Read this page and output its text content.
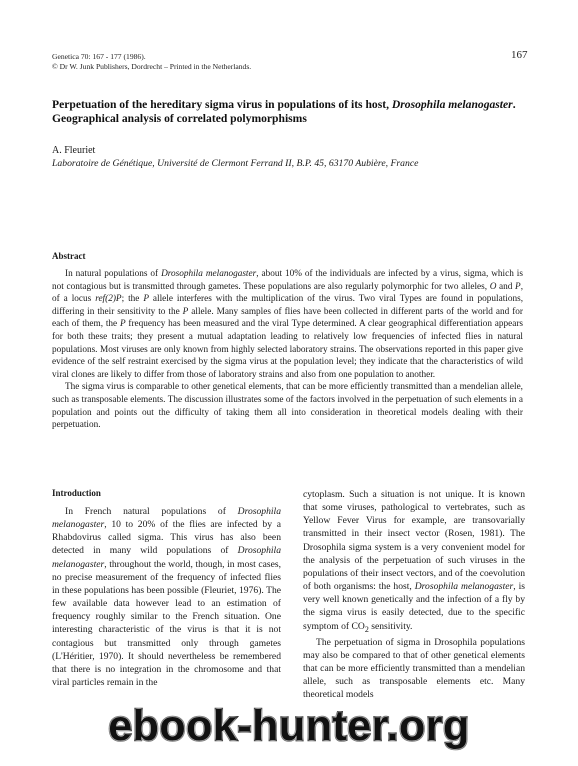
Genetica 70: 167 - 177 (1986).
© Dr W. Junk Publishers, Dordrecht – Printed in the Netherlands.
167
Perpetuation of the hereditary sigma virus in populations of its host, Drosophila melanogaster. Geographical analysis of correlated polymorphisms
A. Fleuriet
Laboratoire de Génétique, Université de Clermont Ferrand II, B.P. 45, 63170 Aubière, France
Abstract

In natural populations of Drosophila melanogaster, about 10% of the individuals are infected by a virus, sigma, which is not contagious but is transmitted through gametes. These populations are also regularly polymorphic for two alleles, O and P, of a locus ref(2)P; the P allele interferes with the multiplication of the virus. Two viral Types are found in populations, differing in their sensitivity to the P allele. Many samples of flies have been collected in different parts of the world and for each of them, the P frequency has been measured and the viral Type determined. A clear geographical differentiation appears for both these traits; they present a mutual adaptation leading to relatively low frequencies of infected flies in natural populations. Most viruses are only known from highly selected laboratory strains. The observations reported in this paper give evidence of the self restraint exercised by the sigma virus at the population level; they indicate that the characteristics of wild viral clones are likely to differ from those of laboratory strains and also from one population to another.

The sigma virus is comparable to other genetical elements, that can be more efficiently transmitted than a mendelian allele, such as transposable elements. The discussion illustrates some of the factors involved in the perpetuation of such elements in a population and points out the difficulty of taking them all into consideration in theoretical models dealing with their perpetuation.

Introduction

In French natural populations of Drosophila melanogaster, 10 to 20% of the flies are infected by a Rhabdovirus called sigma. This virus has also been detected in many wild populations of Drosophila melanogaster, throughout the world, though, in most cases, no precise measurement of the frequency of infected flies in these populations has been possible (Fleuriet, 1976). The few available data however lead to an estimation of frequency roughly similar to the French situation. One interesting characteristic of the virus is that it is not contagious but transmitted only through gametes (L'Héritier, 1970). It should nevertheless be remembered that there is no integration in the chromosome and that viral particles remain in the

cytoplasm. Such a situation is not unique. It is known that some viruses, pathological to vertebrates, such as Yellow Fever Virus for example, are transovarially transmitted in their insect vector (Rosen, 1981). The Drosophila sigma system is a very convenient model for the analysis of the perpetuation of such viruses in the populations of their insect vectors, and of the coevolution of both organisms: the host, Drosophila melanogaster, is very well known genetically and the infection of a fly by the sigma virus is easily detected, due to the specific symptom of $CO_2$ sensitivity.

The perpetuation of sigma in Drosophila populations may also be compared to that of other genetical elements that can be more efficiently transmitted than a mendelian allele, such as transposable elements etc. Many theoretical models

ebook-hunter.org
